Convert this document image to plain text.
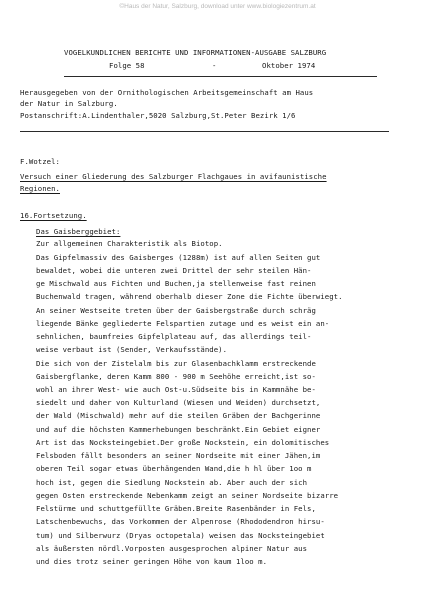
©Haus der Natur, Salzburg, download unter www.biologiezentrum.at
VOGELKUNDLICHEN BERICHTE UND INFORMATIONEN-AUSGABE SALZBURG
Folge 58	-	Oktober 1974
Herausgegeben von der Ornithologischen Arbeitsgemeinschaft am Haus
der Natur in Salzburg.
Postanschrift:A.Lindenthaler,5020 Salzburg,St.Peter Bezirk 1/6
F.Wotzel:
Versuch einer Gliederung des Salzburger Flachgaues in avifaunistische
Regionen.
16.Fortsetzung.
Das Gaisberggebiet:
Zur allgemeinen Charakteristik als Biotop.
Das Gipfelmassiv des Gaisberges (1288m) ist auf allen Seiten gut
bewaldet, wobei die unteren zwei Drittel der sehr steilen Hän-
ge Mischwald aus Fichten und Buchen,ja stellenweise fast reinen
Buchenwald tragen, während oberhalb dieser Zone die Fichte überwiegt.
An seiner Westseite treten über der Gaisbergstraße durch schräg
liegende Bänke gegliederte Felspartien zutage und es weist ein an-
sehnlichen, baumfreies Gipfelplateau auf, das allerdings teil-
weise verbaut ist (Sender, Verkaufsstände).
Die sich von der Zistelalm bis zur Glasenbachklamm erstreckende
Gaisbergflanke, deren Kamm 800 - 900 m Seehöhe erreicht,ist so-
wohl an ihrer West- wie auch Ost-u.Südseite bis in Kammnähe be-
siedelt und daher von Kulturland (Wiesen und Weiden) durchsetzt,
der Wald (Mischwald) mehr auf die steilen Gräben der Bachgerinne
und auf die höchsten Kammerhebungen beschränkt.Ein Gebiet eigner
Art ist das Nocksteingebiet.Der große Nockstein, ein dolomitisches
Felsboden fällt besonders an seiner Nordseite mit einer Jähen,im
oberen Teil sogar etwas überhängenden Wand,die h hl über 1oo m
hoch ist, gegen die Siedlung Nockstein ab. Aber auch der sich
gegen Osten erstreckende Nebenkamm zeigt an seiner Nordseite bizarre
Felstürme und schuttgefüllte Gräben.Breite Rasenbänder in Fels,
Latschenbewuchs, das Vorkommen der Alpenrose (Rhododendron hirsu-
tum) und Silberwurz (Dryas octopetala) weisen das Nocksteingebiet
als äußersten nördl.Vorposten ausgesprochen alpiner Natur aus
und dies trotz seiner geringen Höhe von kaum 1loo m.
